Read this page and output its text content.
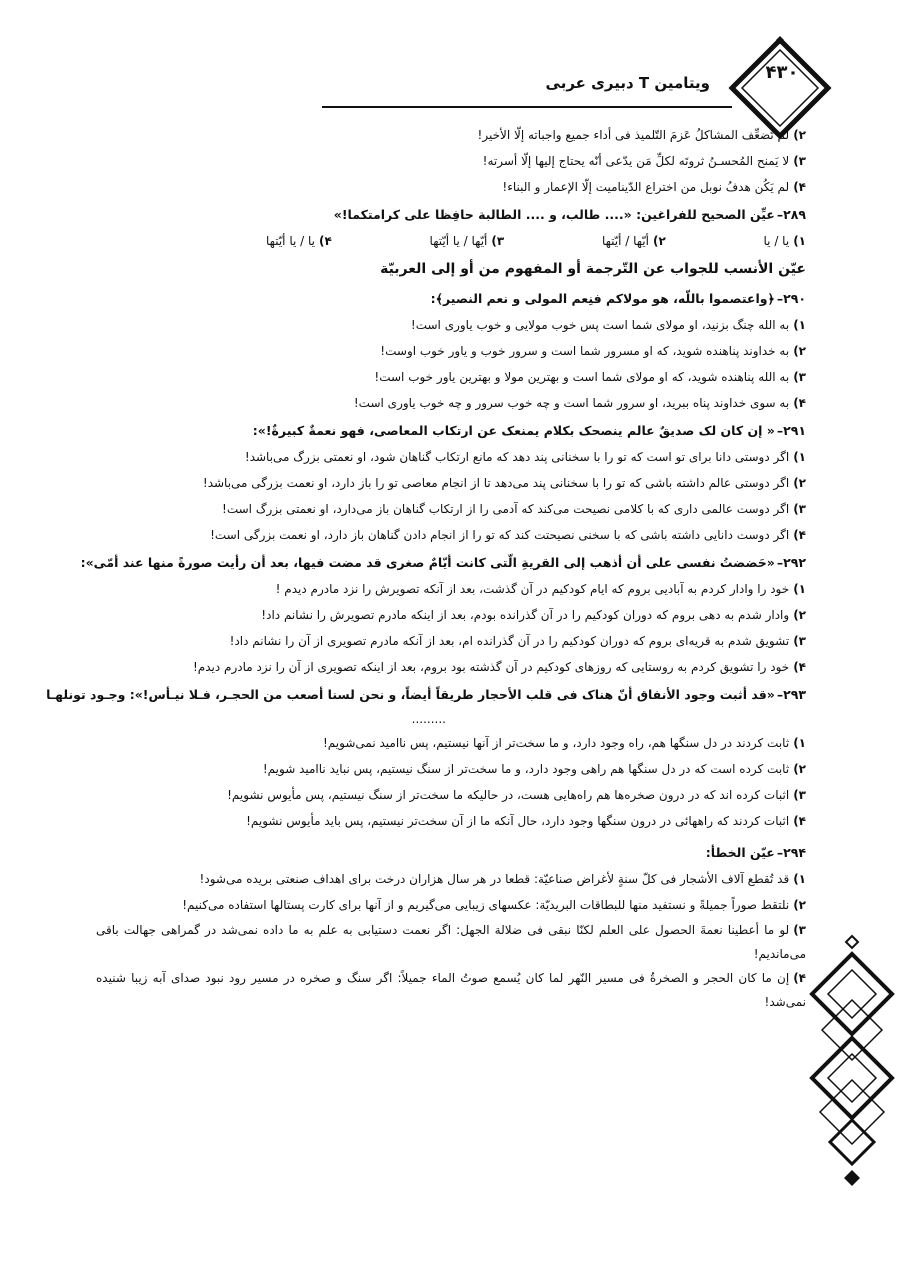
ویتامین T دبیری عربی	۴۳۰
۲)لم تُضعِّف المشاکلُ عَزمَ التّلمیذ فی أداء جمیع واجباته إلّا الأخیر!
۳)لا یَمنح المُحسـنُ ثروتَه لکلِّ مَن یدّعی أنّه یحتاج إلیها إلّا أسرته!
۴)لم یَکُن هدفُ نوبل من اختراع الدّینامیت إلّا الإعمار و البناء!
۲۸۹–عیِّن الصحیح للفراغین: «.... طالب، و .... الطالبة حافِظا علی کرامتکما!»
۱)یا / یا
۲)أیّها / أیّتها
۳)أیّها / یا أیّتها
۴)یا / یا أیّتها
عیّن الأنسب للجواب عن التّرجمة أو المفهوم من أو إلی العربیّة
۲۹۰–﴿واعتصموا باللّه، هو مولاکم فنِعم المولی و نعم النصیر﴾:
۱)به الله چنگ بزنید، او مولای شما است پس خوب مولایی و خوب یاوری است!
۲)به خداوند پناهنده شوید، که او مسرور شما است و سرور خوب و یاور خوب اوست!
۳)به الله پناهنده شوید، که او مولای شما است و بهترین مولا و بهترین یاور خوب است!
۴)به سوی خداوند پناه ببرید، او سرور شما است و چه خوب سرور و چه خوب یاوری است!
۲۹۱–« إن کان لک صدیقٌ عالم ینصحک بکلام یمنعک عن ارتکاب المعاصی، فهو نعمةٌ کبیرةٌ!»:
۱)اگر دوستی دانا برای تو است که تو را با سخنانی پند دهد که مانع ارتکاب گناهان شود، او نعمتی بزرگ می‌باشد!
۲)اگر دوستی عالم داشته باشی که تو را با سخنانی پند می‌دهد تا از انجام معاصی تو را باز دارد، او نعمت بزرگی می‌باشد!
۳)اگر دوست عالمی داری که با کلامی نصیحت می‌کند که آدمی را از ارتکاب گناهان باز می‌دارد، او نعمتی بزرگ است!
۴)اگر دوست دانایی داشته باشی که با سخنی نصیحتت کند که تو را از انجام دادن گناهان باز دارد، او نعمت بزرگی است!
۲۹۲–«حَضضتُ نفسی علی أن أذهب إلی القریةِ الّتی کانت أیّامٌ صغری قد مضت فیها، بعد أن رأیت صورةً منها عند أمّی»:
۱)خود را وادار کردم به آبادیی بروم که ایام کودکیم در آن گذشت، بعد از آنکه تصویرش را نزد مادرم دیدم !
۲)وادار شدم به دهی بروم که دوران کودکیم را در آن گذرانده بودم، بعد از اینکه مادرم تصویرش را نشانم داد!
۳)تشویق شدم به قریه‌ای بروم که دوران کودکیم را در آن گذرانده ام، بعد از آنکه مادرم تصویری از آن را نشانم داد!
۴)خود را تشویق کردم به روستایی که روزهای کودکیم در آن گذشته بود بروم، بعد از اینکه تصویری از آن را نزد مادرم دیدم!
۲۹۳–«قد أثبت وجود الأنفاق أنّ هناک فی قلب الأحجار طریقاً أیضاً، و نحن لسنا أصعب من الحجـر، فـلا نیـأس!»: وجـود تونلهـا
.........
۱)ثابت کردند در دل سنگها هم، راه وجود دارد، و ما سخت‌تر از آنها نیستیم، پس ناامید نمی‌شویم!
۲)ثابت کرده است که در دل سنگها هم راهی وجود دارد، و ما سخت‌تر از سنگ نیستیم، پس نباید ناامید شویم!
۳)اثبات کرده اند که در درون صخره‌ها هم راه‌هایی هست، در حالیکه ما سخت‌تر از سنگ نیستیم، پس مأیوس نشویم!
۴)اثبات کردند که راههائی در درون سنگها وجود دارد، حال آنکه ما از آن سخت‌تر نیستیم، پس باید مأیوس نشویم!
۲۹۴–عیّن الخطأ:
۱)قد تُقطع آلاف الأشجار فی کلّ سنةٍ لأغراض صناعیّة: قطعا در هر سال هزاران درخت برای اهداف صنعتی بریده می‌شود!
۲)نلتقط صوراً جمیلةً و نستفید منها للبطاقات البریدیّة: عکسهای زیبایی می‌گیریم و از آنها برای کارت پستالها استفاده می‌کنیم!
۳)لو ما أعطینا نعمةَ الحصول علی العلم لکنّا نبقی فی ضلالة الجهل: اگر نعمت دستیابی به علم به ما داده نمی‌شد در گمراهی جهالت باقی می‌ماندیم!
۴)إن ما کان الحجر و الصخرةُ فی مسیر النّهر لما کان یُسمع صوتُ الماء جمیلاً: اگر سنگ و صخره در مسیر رود نبود صدای آبه زیبا شنیده نمی‌شد!
